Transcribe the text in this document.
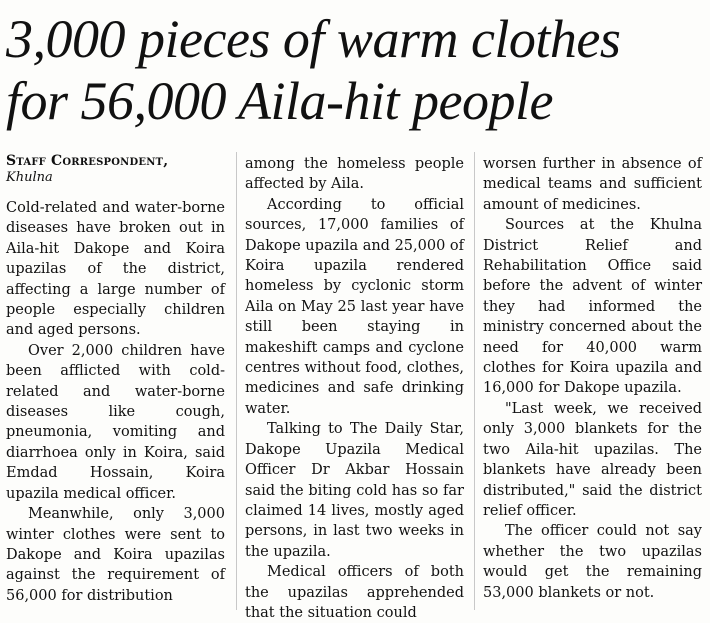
3,000 pieces of warm clothes
for 56,000 Aila-hit people
Staff Correspondent,
Khulna

Cold-related and water-borne diseases have broken out in Aila-hit Dakope and Koira upazilas of the district, affecting a large number of people especially children and aged persons.

Over 2,000 children have been afflicted with cold-related and water-borne diseases like cough, pneumonia, vomiting and diarrhoea only in Koira, said Emdad Hossain, Koira upazila medical officer.

Meanwhile, only 3,000 winter clothes were sent to Dakope and Koira upazilas against the requirement of 56,000 for distribution

among the homeless people affected by Aila.

According to official sources, 17,000 families of Dakope upazila and 25,000 of Koira upazila rendered homeless by cyclonic storm Aila on May 25 last year have still been staying in makeshift camps and cyclone centres without food, clothes, medicines and safe drinking water.

Talking to The Daily Star, Dakope Upazila Medical Officer Dr Akbar Hossain said the biting cold has so far claimed 14 lives, mostly aged persons, in last two weeks in the upazila.

Medical officers of both the upazilas apprehended that the situation could

worsen further in absence of medical teams and sufficient amount of medicines.

Sources at the Khulna District Relief and Rehabilitation Office said before the advent of winter they had informed the ministry concerned about the need for 40,000 warm clothes for Koira upazila and 16,000 for Dakope upazila.

"Last week, we received only 3,000 blankets for the two Aila-hit upazilas. The blankets have already been distributed," said the district relief officer.

The officer could not say whether the two upazilas would get the remaining 53,000 blankets or not.
